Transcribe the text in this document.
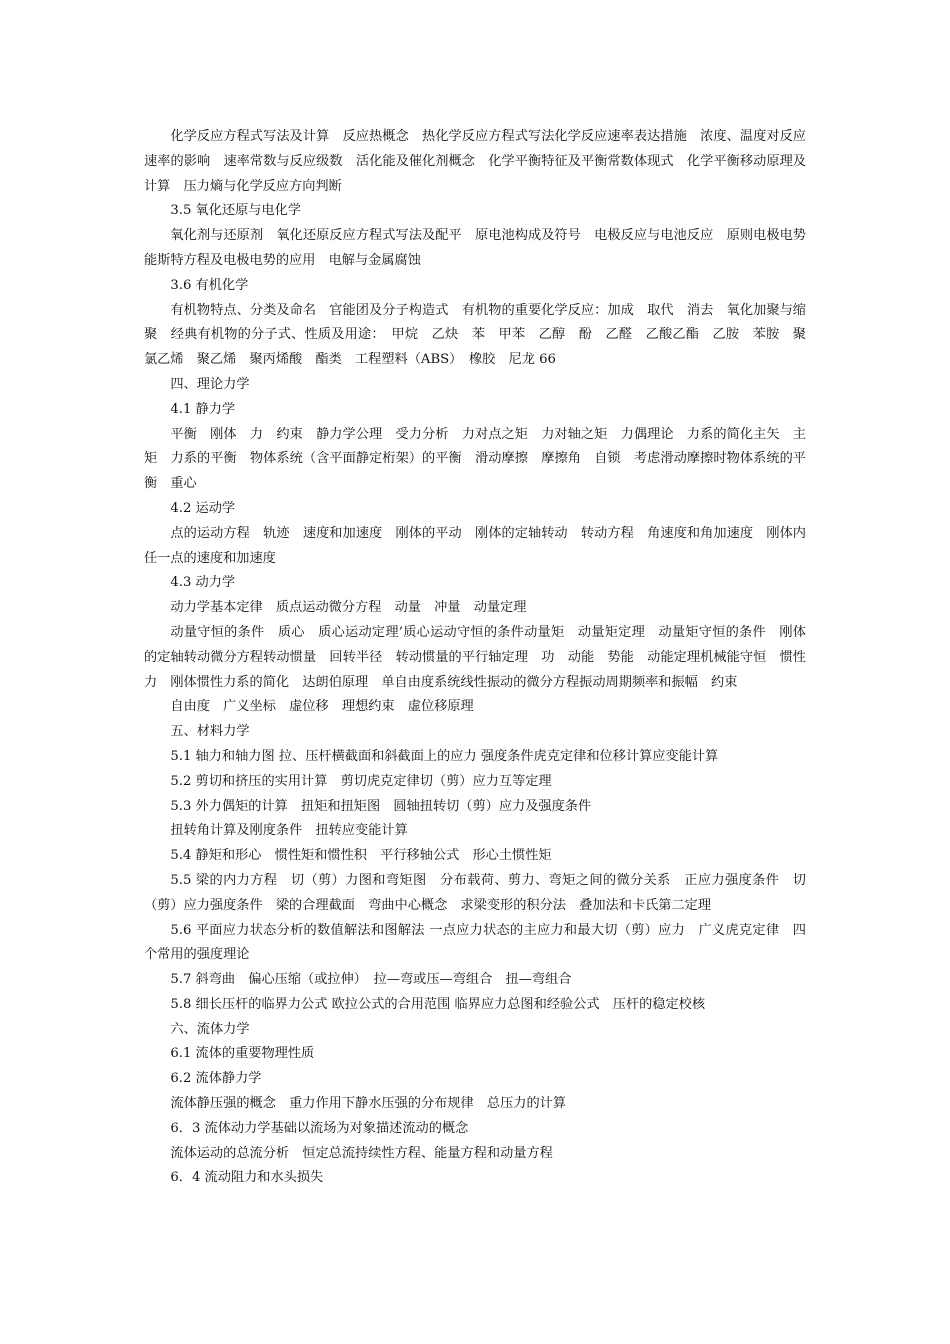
化学反应方程式写法及计算　反应热概念　热化学反应方程式写法化学反应速率表达措施　浓度、温度对反应速率的影响　速率常数与反应级数　活化能及催化剂概念　化学平衡特征及平衡常数体现式　化学平衡移动原理及计算　压力熵与化学反应方向判断

3.5 氧化还原与电化学

氧化剂与还原剂　氧化还原反应方程式写法及配平　原电池构成及符号　电极反应与电池反应　原则电极电势　能斯特方程及电极电势的应用　电解与金属腐蚀

3.6 有机化学

有机物特点、分类及命名　官能团及分子构造式　有机物的重要化学反应：加成　取代　消去　氧化加聚与缩聚　经典有机物的分子式、性质及用途：　甲烷　乙炔　苯　甲苯　乙醇　酚　乙醛　乙酸乙酯　乙胺　苯胺　聚氯乙烯　聚乙烯　聚丙烯酸　酯类　工程塑料（ABS）　橡胶　尼龙 66

四、理论力学

4.1 静力学

平衡　刚体　力　约束　静力学公理　受力分析　力对点之矩　力对轴之矩　力偶理论　力系的简化主矢　主矩　力系的平衡　物体系统（含平面静定桁架）的平衡　滑动摩擦　摩擦角　自锁　考虑滑动摩擦时物体系统的平衡　重心

4.2 运动学

点的运动方程　轨迹　速度和加速度　刚体的平动　刚体的定轴转动　转动方程　角速度和角加速度　刚体内任一点的速度和加速度

4.3 动力学

动力学基本定律　质点运动微分方程　动量　冲量　动量定理

动量守恒的条件　质心　质心运动定理’质心运动守恒的条件动量矩　动量矩定理　动量矩守恒的条件　刚体的定轴转动微分方程转动惯量　回转半径　转动惯量的平行轴定理　功　动能　势能　动能定理机械能守恒　惯性力　刚体惯性力系的简化　达朗伯原理　单自由度系统线性振动的微分方程振动周期频率和振幅　约束

自由度　广义坐标　虚位移　理想约束　虚位移原理

五、材料力学

5.1 轴力和轴力图 拉、压杆横截面和斜截面上的应力 强度条件虎克定律和位移计算应变能计算

5.2 剪切和挤压的实用计算　剪切虎克定律切（剪）应力互等定理

5.3 外力偶矩的计算　扭矩和扭矩图　圆轴扭转切（剪）应力及强度条件

扭转角计算及刚度条件　扭转应变能计算

5.4 静矩和形心　惯性矩和惯性积　平行移轴公式　形心土惯性矩

5.5 梁的内力方程　切（剪）力图和弯矩图　分布载荷、剪力、弯矩之间的微分关系　正应力强度条件　切（剪）应力强度条件　梁的合理截面　弯曲中心概念　求梁变形的积分法　叠加法和卡氏第二定理

5.6 平面应力状态分析的数值解法和图解法 一点应力状态的主应力和最大切（剪）应力　广义虎克定律　四个常用的强度理论

5.7 斜弯曲　偏心压缩（或拉伸）　拉—弯或压—弯组合　扭—弯组合

5.8 细长压杆的临界力公式 欧拉公式的合用范围 临界应力总图和经验公式　压杆的稳定校核

六、流体力学

6.1 流体的重要物理性质

6.2 流体静力学

流体静压强的概念　重力作用下静水压强的分布规律　总压力的计算

6．3 流体动力学基础以流场为对象描述流动的概念

流体运动的总流分析　恒定总流持续性方程、能量方程和动量方程

6．4 流动阻力和水头损失
